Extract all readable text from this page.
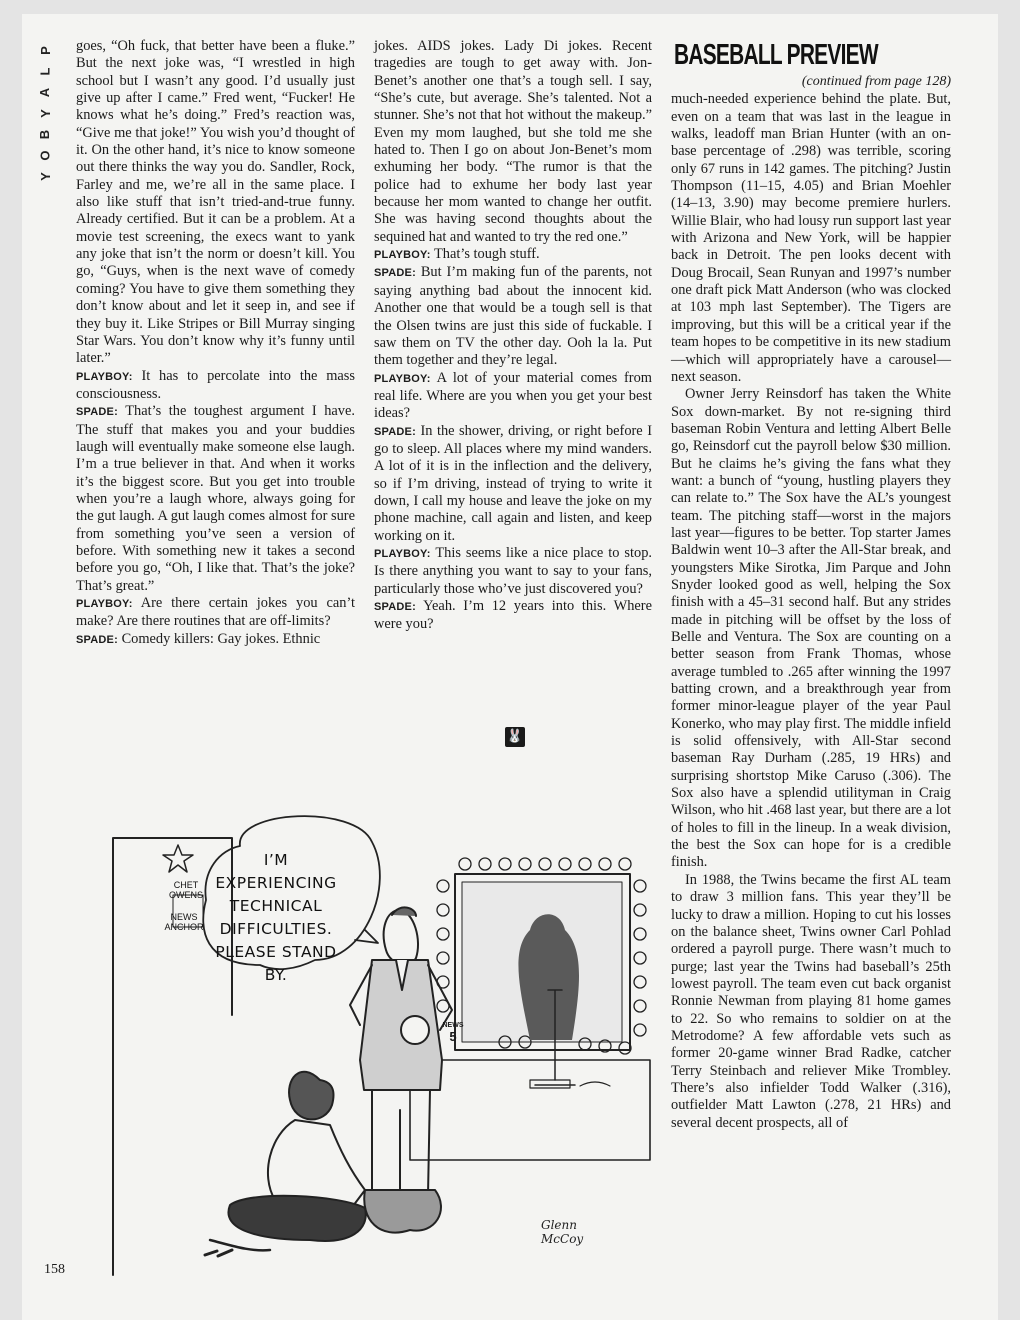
P
L
A
Y
B
O
Y

goes, “Oh fuck, that better have been a fluke.” But the next joke was, “I wrestled in high school but I wasn’t any good. I’d usually just give up after I came.” Fred went, “Fucker! He knows what he’s doing.” Fred’s reaction was, “Give me that joke!” You wish you’d thought of it. On the other hand, it’s nice to know someone out there thinks the way you do. Sandler, Rock, Farley and me, we’re all in the same place. I also like stuff that isn’t tried-and-true funny. Already certified. But it can be a problem. At a movie test screening, the execs want to yank any joke that isn’t the norm or doesn’t kill. You go, “Guys, when is the next wave of comedy coming? You have to give them something they don’t know about and let it seep in, and see if they buy it. Like Stripes or Bill Murray singing Star Wars. You don’t know why it’s funny until later.”

PLAYBOY: It has to percolate into the mass consciousness.

SPADE: That’s the toughest argument I have. The stuff that makes you and your buddies laugh will eventually make someone else laugh. I’m a true believer in that. And when it works it’s the biggest score. But you get into trouble when you’re a laugh whore, always going for the gut laugh. A gut laugh comes almost for sure from something you’ve seen a version of before. With something new it takes a second before you go, “Oh, I like that. That’s the joke? That’s great.”

PLAYBOY: Are there certain jokes you can’t make? Are there routines that are off-limits?

SPADE: Comedy killers: Gay jokes. Ethnic

jokes. AIDS jokes. Lady Di jokes. Recent tragedies are tough to get away with. Jon-Benet’s another one that’s a tough sell. I say, “She’s cute, but average. She’s talented. Not a stunner. She’s not that hot without the makeup.” Even my mom laughed, but she told me she hated to. Then I go on about Jon-Benet’s mom exhuming her body. “The rumor is that the police had to exhume her body last year because her mom wanted to change her outfit. She was having second thoughts about the sequined hat and wanted to try the red one.”

PLAYBOY: That’s tough stuff.

SPADE: But I’m making fun of the parents, not saying anything bad about the innocent kid. Another one that would be a tough sell is that the Olsen twins are just this side of fuckable. I saw them on TV the other day. Ooh la la. Put them together and they’re legal.

PLAYBOY: A lot of your material comes from real life. Where are you when you get your best ideas?

SPADE: In the shower, driving, or right before I go to sleep. All places where my mind wanders. A lot of it is in the inflection and the delivery, so if I’m driving, instead of trying to write it down, I call my house and leave the joke on my phone machine, call again and listen, and keep working on it.

PLAYBOY: This seems like a nice place to stop. Is there anything you want to say to your fans, particularly those who’ve just discovered you?

SPADE: Yeah. I’m 12 years into this. Where were you?

🐰
BASEBALL PREVIEW
(continued from page 128)

much-needed experience behind the plate. But, even on a team that was last in the league in walks, leadoff man Brian Hunter (with an on-base percentage of .298) was terrible, scoring only 67 runs in 142 games. The pitching? Justin Thompson (11–15, 4.05) and Brian Moehler (14–13, 3.90) may become premiere hurlers. Willie Blair, who had lousy run support last year with Arizona and New York, will be happier back in Detroit. The pen looks decent with Doug Brocail, Sean Runyan and 1997’s number one draft pick Matt Anderson (who was clocked at 103 mph last September). The Tigers are improving, but this will be a critical year if the team hopes to be competitive in its new stadium—which will appropriately have a carousel—next season.

Owner Jerry Reinsdorf has taken the White Sox down-market. By not re-signing third baseman Robin Ventura and letting Albert Belle go, Reinsdorf cut the payroll below $30 million. But he claims he’s giving the fans what they want: a bunch of “young, hustling players they can relate to.” The Sox have the AL’s youngest team. The pitching staff—worst in the majors last year—figures to be better. Top starter James Baldwin went 10–3 after the All-Star break, and youngsters Mike Sirotka, Jim Parque and John Snyder looked good as well, helping the Sox finish with a 45–31 second half. But any strides made in pitching will be offset by the loss of Belle and Ventura. The Sox are counting on a better season from Frank Thomas, whose average tumbled to .265 after winning the 1997 batting crown, and a breakthrough year from former minor-league player of the year Paul Konerko, who may play first. The middle infield is solid offensively, with All-Star second baseman Ray Durham (.285, 19 HRs) and surprising shortstop Mike Caruso (.306). The Sox also have a splendid utilityman in Craig Wilson, who hit .468 last year, but there are a lot of holes to fill in the lineup. In a weak division, the best the Sox can hope for is a credible finish.

In 1988, the Twins became the first AL team to draw 3 million fans. This year they’ll be lucky to draw a million. Hoping to cut his losses on the balance sheet, Twins owner Carl Pohlad ordered a payroll purge. There wasn’t much to purge; last year the Twins had baseball’s 25th lowest payroll. The team even cut back organist Ronnie Newman from playing 81 home games to 22. So who remains to soldier on at the Metrodome? A few affordable vets such as former 20-game winner Brad Radke, catcher Terry Steinbach and reliever Mike Trombley. There’s also infielder Todd Walker (.316), outfielder Matt Lawton (.278, 21 HRs) and several decent prospects, all of

I’M
EXPERIENCING
TECHNICAL
DIFFICULTIES.
PLEASE STAND
BY.
CHET
OWENS
NEWS
ANCHOR
NEWS
5
Glenn
McCoy
158
